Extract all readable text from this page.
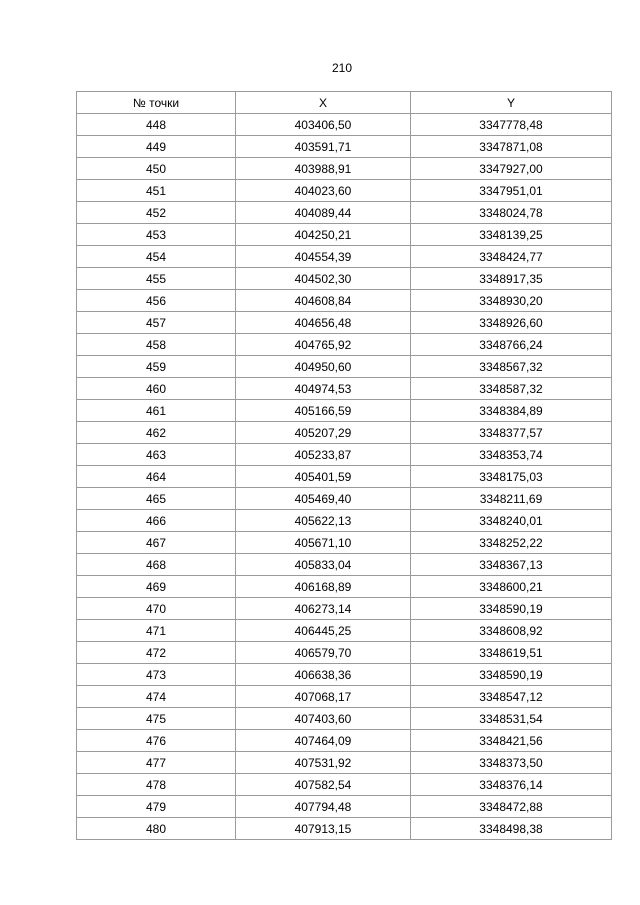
210
№ точки	X	Y
448	403406,50	3347778,48
449	403591,71	3347871,08
450	403988,91	3347927,00
451	404023,60	3347951,01
452	404089,44	3348024,78
453	404250,21	3348139,25
454	404554,39	3348424,77
455	404502,30	3348917,35
456	404608,84	3348930,20
457	404656,48	3348926,60
458	404765,92	3348766,24
459	404950,60	3348567,32
460	404974,53	3348587,32
461	405166,59	3348384,89
462	405207,29	3348377,57
463	405233,87	3348353,74
464	405401,59	3348175,03
465	405469,40	3348211,69
466	405622,13	3348240,01
467	405671,10	3348252,22
468	405833,04	3348367,13
469	406168,89	3348600,21
470	406273,14	3348590,19
471	406445,25	3348608,92
472	406579,70	3348619,51
473	406638,36	3348590,19
474	407068,17	3348547,12
475	407403,60	3348531,54
476	407464,09	3348421,56
477	407531,92	3348373,50
478	407582,54	3348376,14
479	407794,48	3348472,88
480	407913,15	3348498,38
